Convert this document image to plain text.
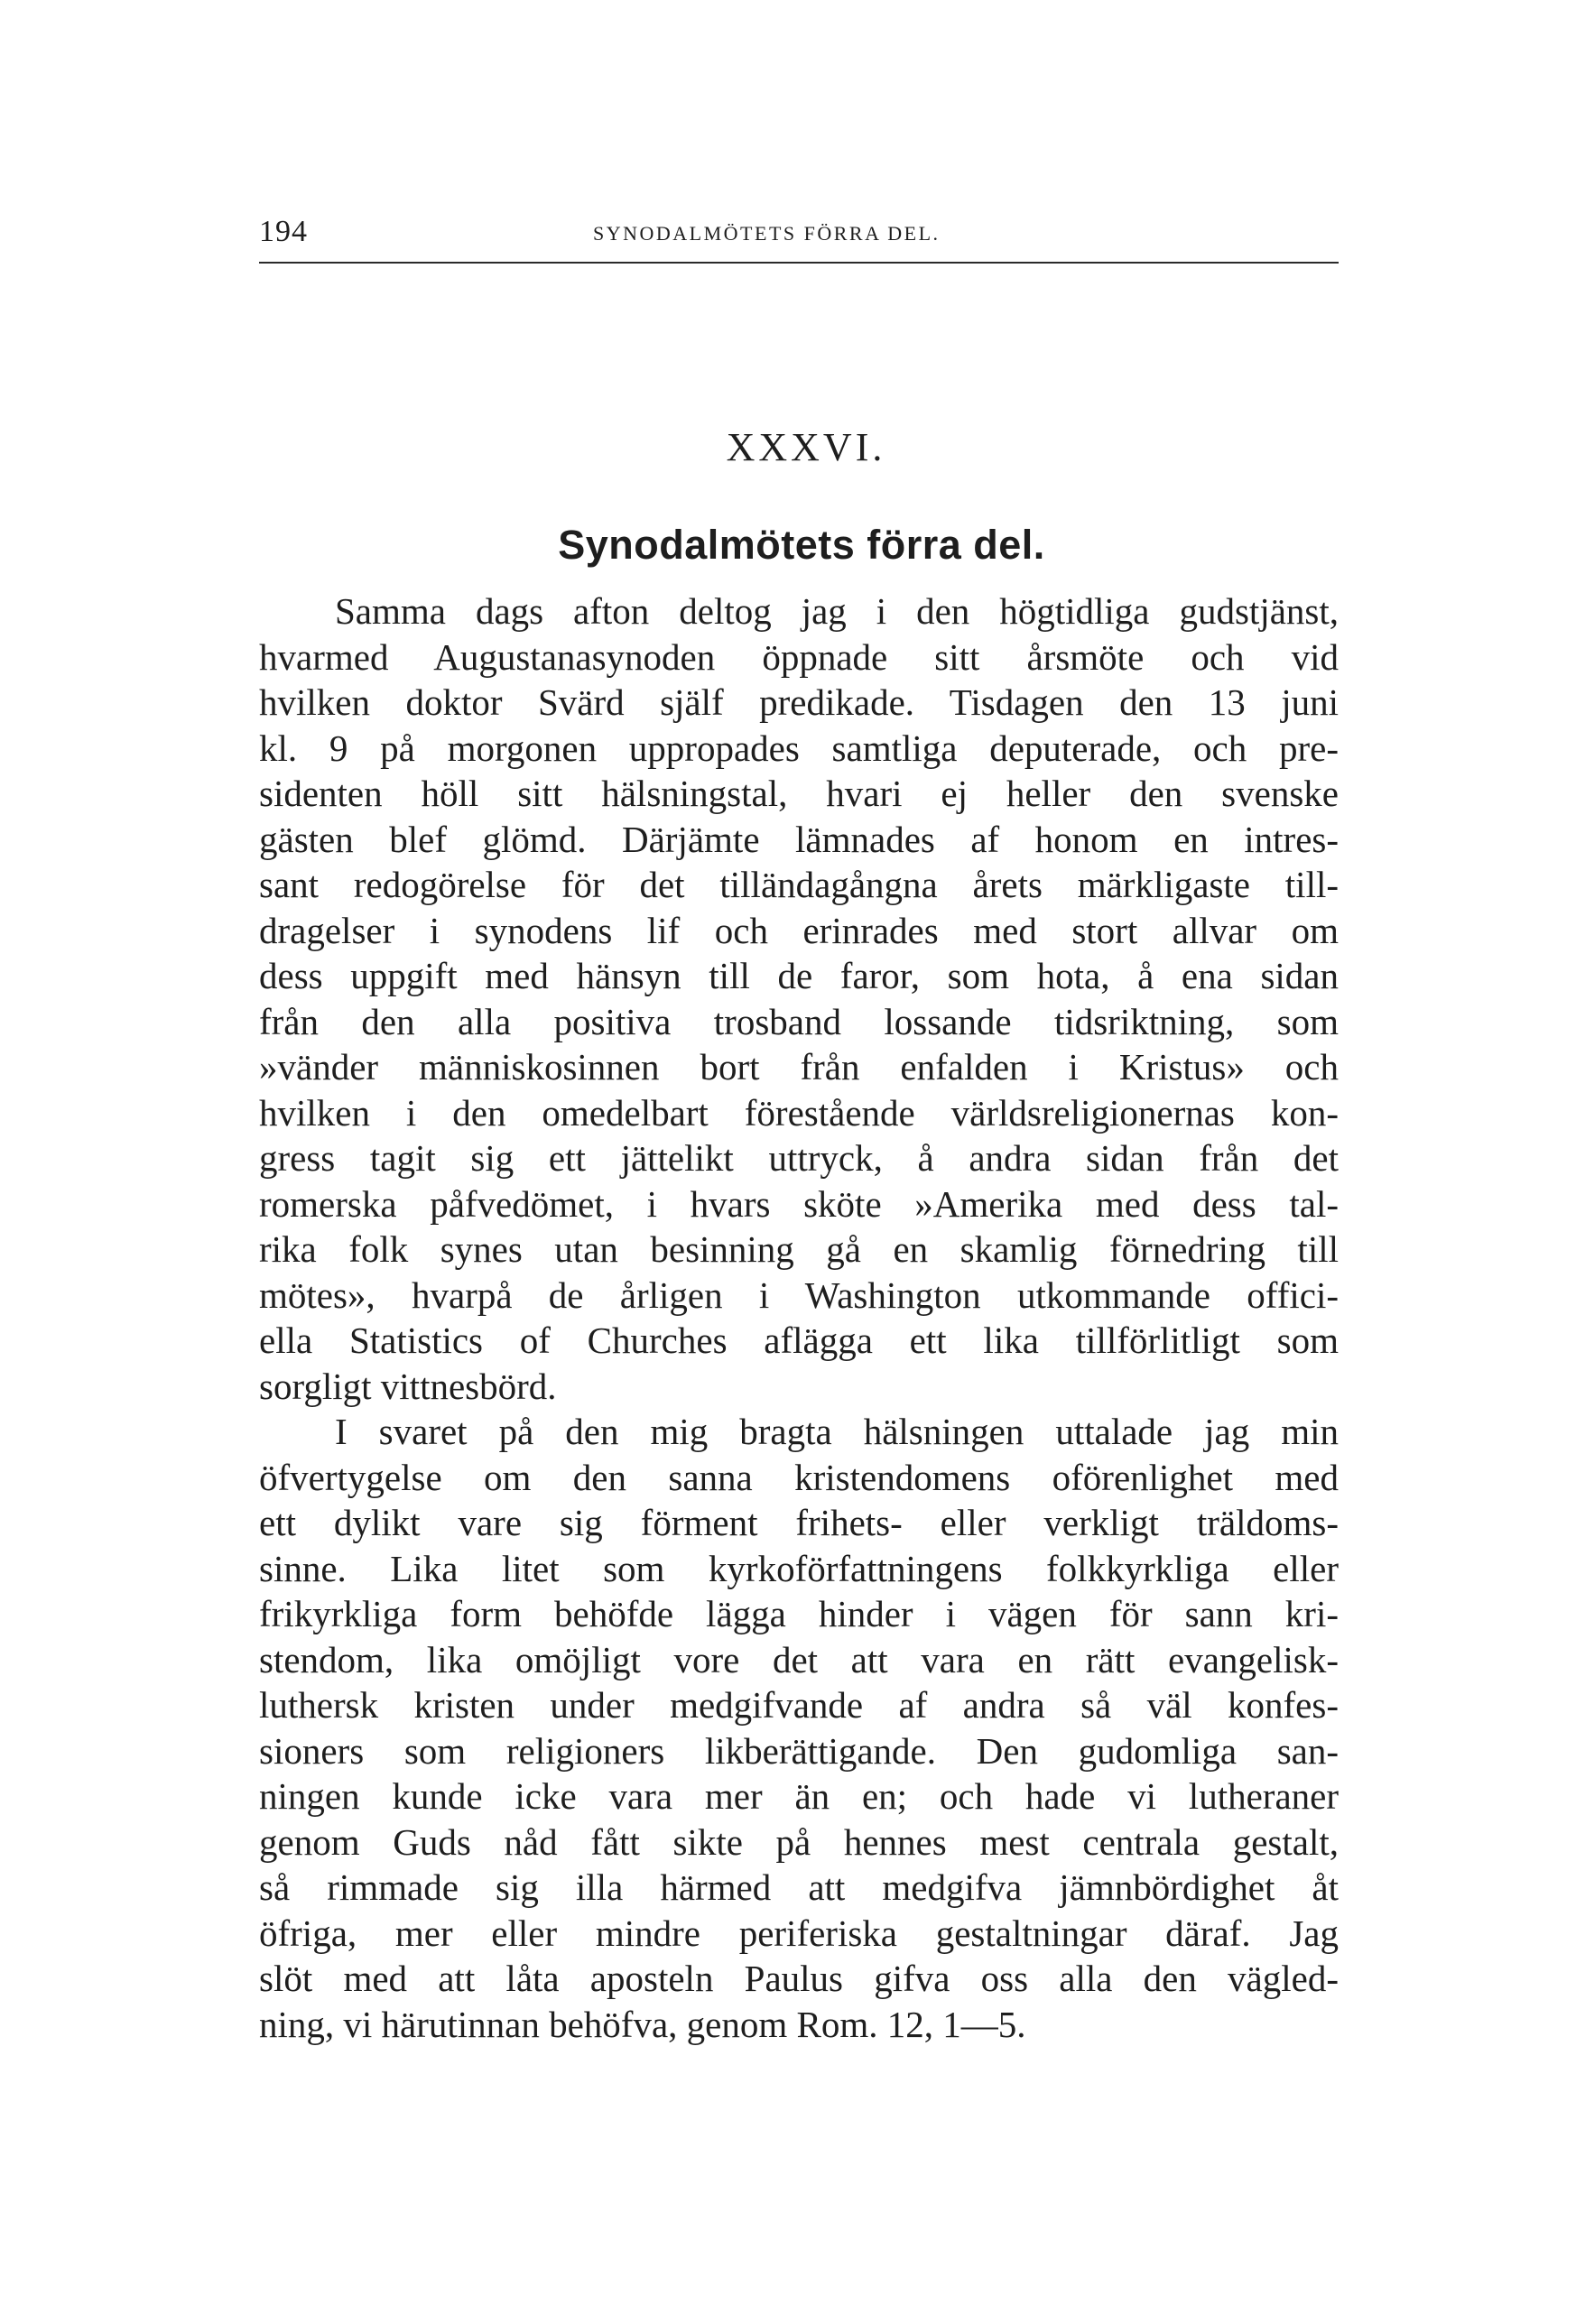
194	SYNODALMÖTETS FÖRRA DEL.
XXXVI.
Synodalmötets förra del.
Samma dags afton deltog jag i den högtidliga gudstjänst,
hvarmed Augustanasynoden öppnade sitt årsmöte och vid
hvilken doktor Svärd själf predikade. Tisdagen den 13 juni
kl. 9 på morgonen uppropades samtliga deputerade, och pre-
sidenten höll sitt hälsningstal, hvari ej heller den svenske
gästen blef glömd. Därjämte lämnades af honom en intres-
sant redogörelse för det tilländagångna årets märkligaste till-
dragelser i synodens lif och erinrades med stort allvar om
dess uppgift med hänsyn till de faror, som hota, å ena sidan
från den alla positiva trosband lossande tidsriktning, som
»vänder människosinnen bort från enfalden i Kristus» och
hvilken i den omedelbart förestående världsreligionernas kon-
gress tagit sig ett jättelikt uttryck, å andra sidan från det
romerska påfvedömet, i hvars sköte »Amerika med dess tal-
rika folk synes utan besinning gå en skamlig förnedring till
mötes», hvarpå de årligen i Washington utkommande offici-
ella Statistics of Churches aflägga ett lika tillförlitligt som
sorgligt vittnesbörd.
I svaret på den mig bragta hälsningen uttalade jag min
öfvertygelse om den sanna kristendomens oförenlighet med
ett dylikt vare sig förment frihets- eller verkligt träldoms-
sinne. Lika litet som kyrkoförfattningens folkkyrkliga eller
frikyrkliga form behöfde lägga hinder i vägen för sann kri-
stendom, lika omöjligt vore det att vara en rätt evangelisk-
luthersk kristen under medgifvande af andra så väl konfes-
sioners som religioners likberättigande. Den gudomliga san-
ningen kunde icke vara mer än en; och hade vi lutheraner
genom Guds nåd fått sikte på hennes mest centrala gestalt,
så rimmade sig illa härmed att medgifva jämnbördighet åt
öfriga, mer eller mindre periferiska gestaltningar däraf. Jag
slöt med att låta aposteln Paulus gifva oss alla den vägled-
ning, vi härutinnan behöfva, genom Rom. 12, 1—5.
